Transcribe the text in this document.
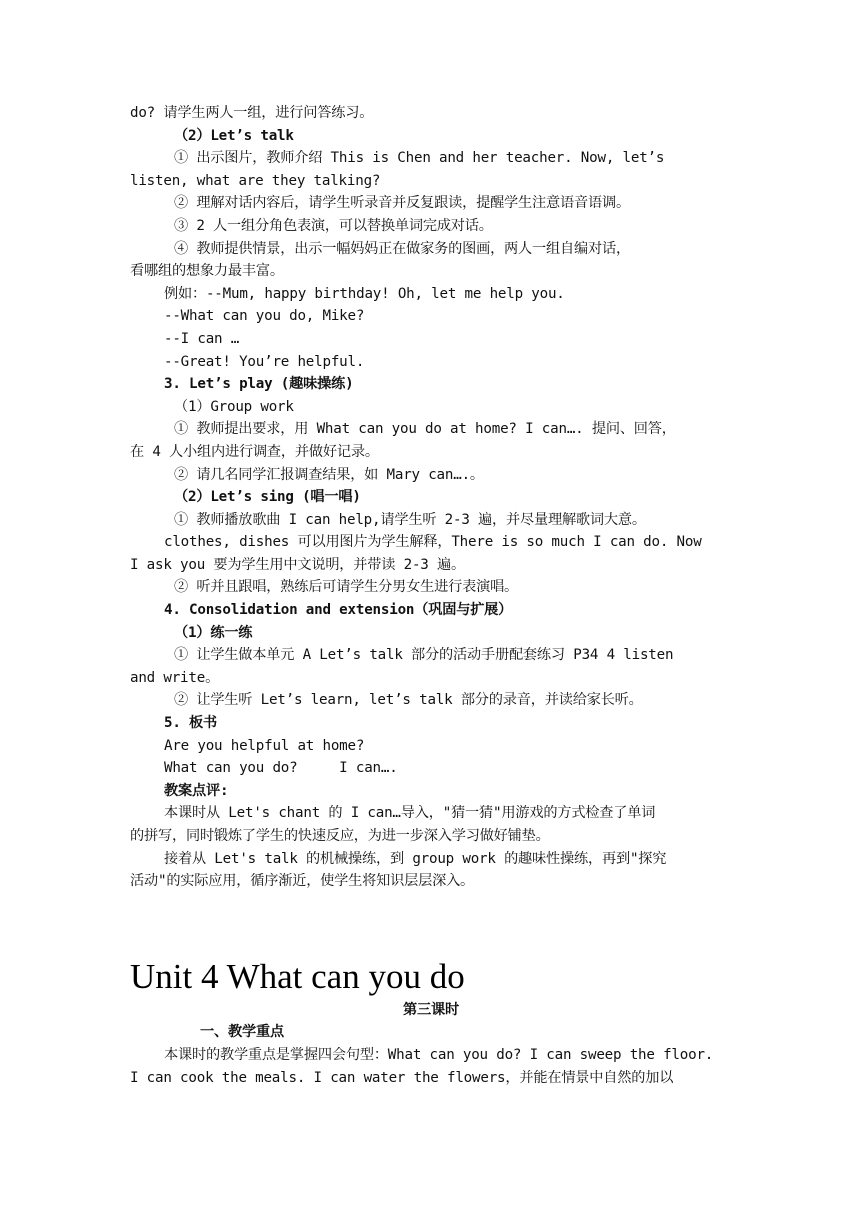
do? 请学生两人一组，进行问答练习。
（2）Let’s talk
① 出示图片，教师介绍 This is Chen and her teacher. Now, let’s
listen, what are they talking?
② 理解对话内容后，请学生听录音并反复跟读，提醒学生注意语音语调。
③ 2 人一组分角色表演，可以替换单词完成对话。
④ 教师提供情景，出示一幅妈妈正在做家务的图画，两人一组自编对话，
看哪组的想象力最丰富。
例如：--Mum, happy birthday! Oh, let me help you.
--What can you do, Mike?
--I can …
--Great! You’re helpful.
3. Let’s play (趣味操练)
（1）Group work
① 教师提出要求，用 What can you do at home? I can…. 提问、回答，
在 4 人小组内进行调查，并做好记录。
② 请几名同学汇报调查结果，如 Mary can….。
（2）Let’s sing (唱一唱)
① 教师播放歌曲 I can help,请学生听 2-3 遍，并尽量理解歌词大意。
clothes, dishes 可以用图片为学生解释，There is so much I can do. Now
I ask you 要为学生用中文说明，并带读 2-3 遍。
② 听并且跟唱，熟练后可请学生分男女生进行表演唱。
4. Consolidation and extension（巩固与扩展）
（1）练一练
① 让学生做本单元 A Let’s talk 部分的活动手册配套练习 P34 4 listen
and write。
② 让学生听 Let’s learn, let’s talk 部分的录音，并读给家长听。
5. 板书
Are you helpful at home?
What can you do?     I can….
教案点评:
本课时从 Let's chant 的 I can…导入，"猜一猜"用游戏的方式检查了单词
的拼写，同时锻炼了学生的快速反应，为进一步深入学习做好铺垫。
接着从 Let's talk 的机械操练，到 group work 的趣味性操练，再到"探究
活动"的实际应用，循序渐近，使学生将知识层层深入。
Unit 4 What can you do
第三课时
一、教学重点
本课时的教学重点是掌握四会句型：What can you do? I can sweep the floor.
I can cook the meals. I can water the flowers，并能在情景中自然的加以
